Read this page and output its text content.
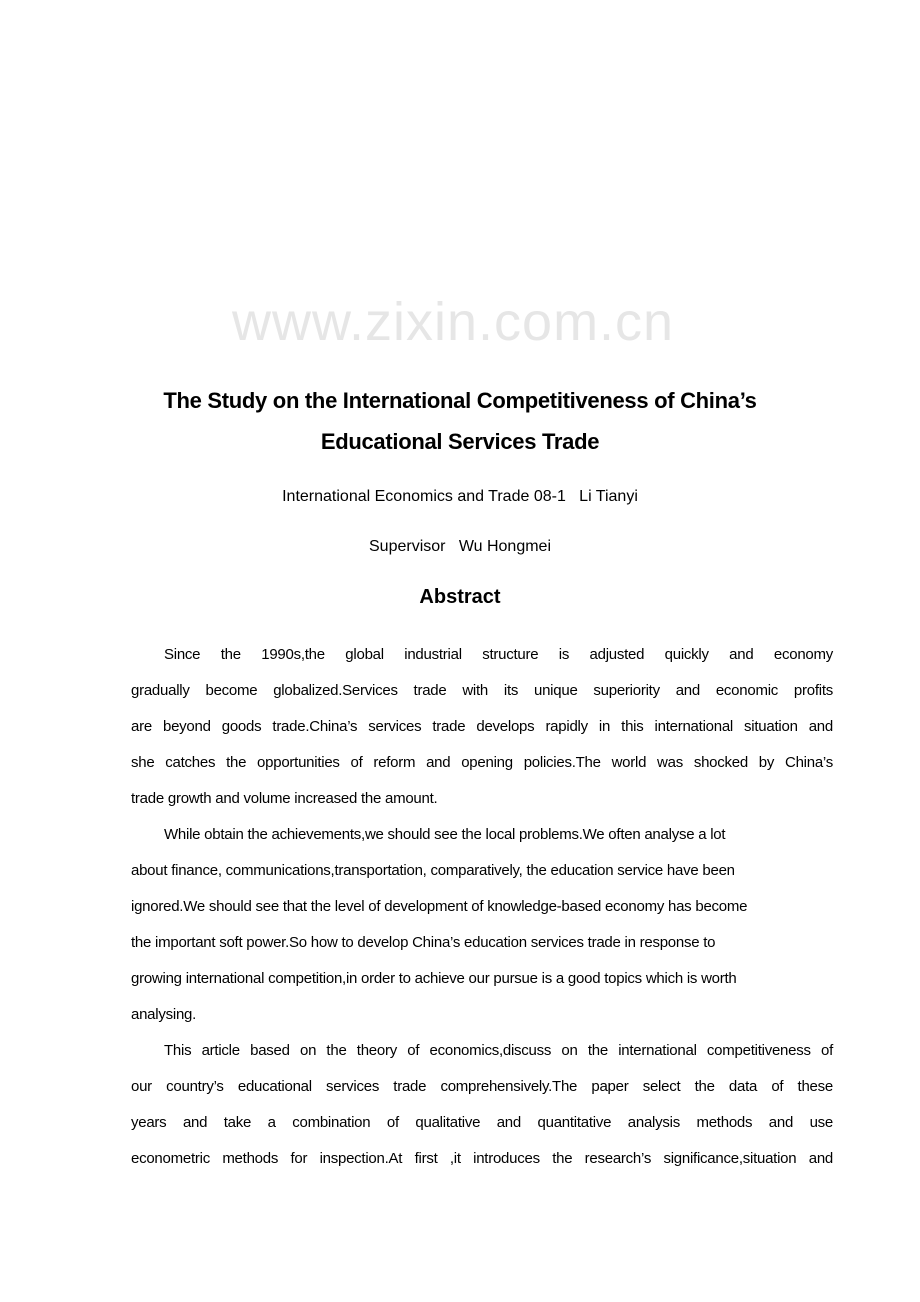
www.zixin.com.cn
The Study on the International Competitiveness of China’s
Educational Services Trade
International Economics and Trade 08-1   Li Tianyi
Supervisor   Wu Hongmei
Abstract
Since the 1990s,the global industrial structure is adjusted quickly and economy
gradually become globalized.Services trade with its unique superiority and economic profits
are beyond goods trade.China’s services trade develops rapidly in this international situation and
she catches the opportunities of reform and opening policies.The world was shocked by China’s
trade growth and volume increased the amount.
While obtain the achievements,we should see the local problems.We often analyse a lot
about finance, communications,transportation, comparatively, the education service have been
ignored.We should see that the level of development of knowledge-based economy has become
the important soft power.So how to develop China’s education services trade in response to
growing international competition,in order to achieve our pursue is a good topics which is worth
analysing.
This article based on the theory of economics,discuss on the international competitiveness of
our country’s educational services trade comprehensively.The paper select the data of these
years and take a combination of qualitative and quantitative analysis methods and use
econometric methods for inspection.At first ,it introduces the research’s significance,situation and
